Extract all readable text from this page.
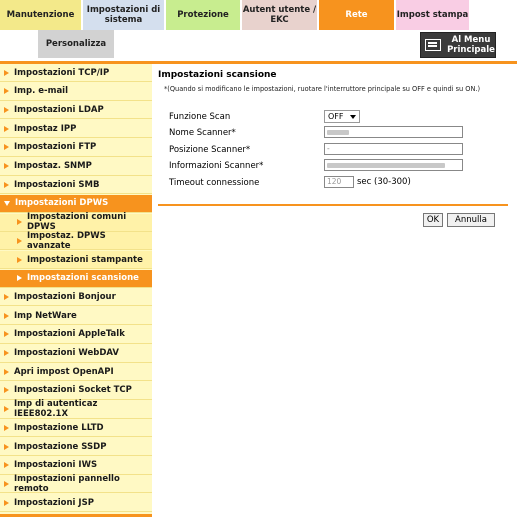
Manutenzione	Impostazioni di sistema	Protezione	Autent utente / EKC	Rete	Impost stampa
Personalizza	Al Menu Principale
Impostazioni TCP/IP
Imp. e-mail
Impostazioni LDAP
Impostaz IPP
Impostazioni FTP
Impostaz. SNMP
Impostazioni SMB
Impostazioni DPWS
Impostazioni comuni DPWS
Impostaz. DPWS avanzate
Impostazioni stampante
Impostazioni scansione
Impostazioni Bonjour
Imp NetWare
Impostazioni AppleTalk
Impostazioni WebDAV
Apri impost OpenAPI
Impostazioni Socket TCP
Imp di autenticaz IEEE802.1X
Impostazione LLTD
Impostazione SSDP
Impostazioni IWS
Impostazioni pannello remoto
Impostazioni JSP
Impostazioni scansione
*(Quando si modificano le impostazioni, ruotare l'interruttore principale su OFF e quindi su ON.)
Funzione Scan	OFF
Nome Scanner*
Posizione Scanner*	-
Informazioni Scanner*
Timeout connessione	120	sec (30-300)
OK	Annulla
